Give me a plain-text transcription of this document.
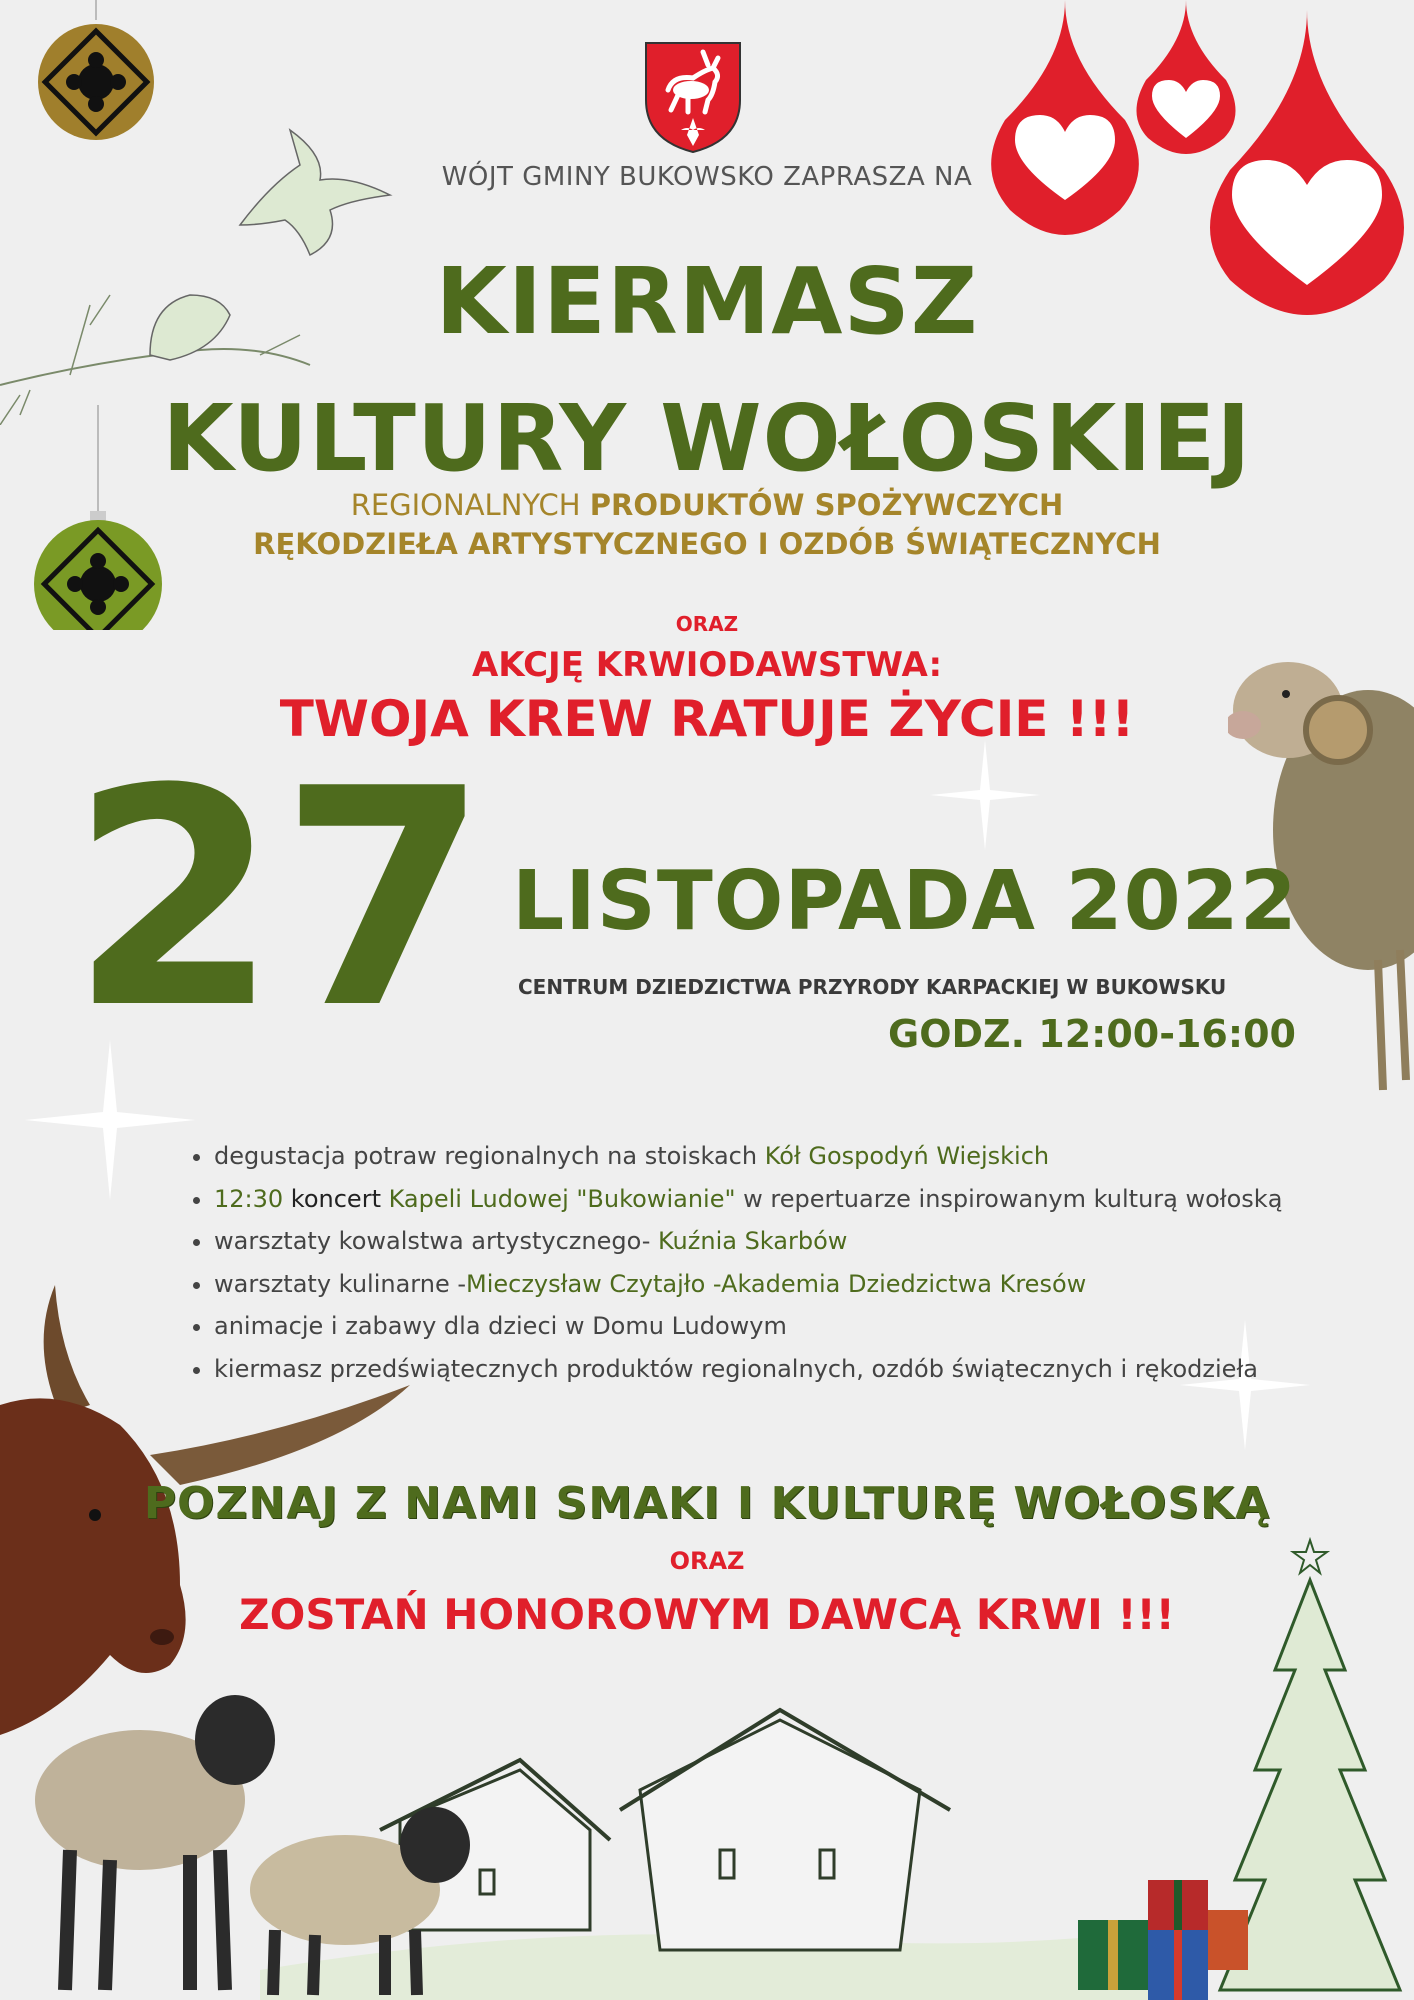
WÓJT GMINY BUKOWSKO ZAPRASZA NA
KIERMASZ
KULTURY WOŁOSKIEJ
REGIONALNYCH PRODUKTÓW SPOŻYWCZYCH
RĘKODZIEŁA ARTYSTYCZNEGO I OZDÓB ŚWIĄTECZNYCH
ORAZ
AKCJĘ KRWIODAWSTWA:
TWOJA KREW RATUJE ŻYCIE !!!
27 LISTOPADA 2022
CENTRUM DZIEDZICTWA PRZYRODY KARPACKIEJ W BUKOWSKU
GODZ. 12:00-16:00
• degustacja potraw regionalnych na stoiskach Kół Gospodyń Wiejskich
• 12:30 koncert Kapeli Ludowej "Bukowianie" w repertuarze inspirowanym kulturą wołoską
• warsztaty kowalstwa artystycznego- Kuźnia Skarbów
• warsztaty kulinarne -Mieczysław Czytajło -Akademia Dziedzictwa Kresów
• animacje i zabawy dla dzieci w Domu Ludowym
• kiermasz przedświątecznych produktów regionalnych, ozdób świątecznych i rękodzieła
POZNAJ Z NAMI SMAKI I KULTURĘ WOŁOSKĄ
ORAZ
ZOSTAŃ HONOROWYM DAWCĄ KRWI !!!
